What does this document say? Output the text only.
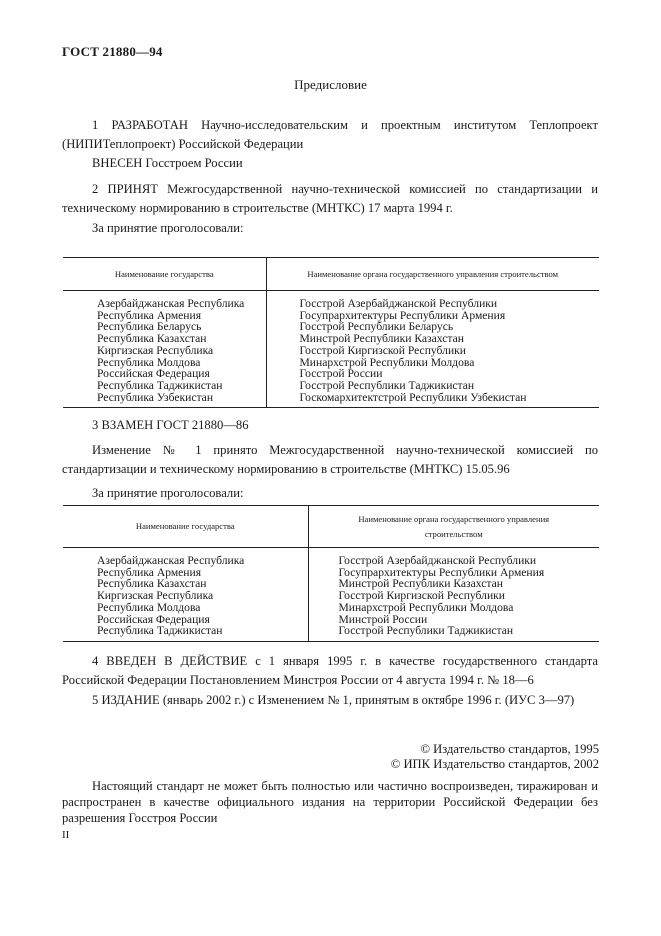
ГОСТ 21880—94
Предисловие
1 РАЗРАБОТАН Научно-исследовательским и проектным институтом Теплопроект (НИПИТеплопроект) Российской Федерации
ВНЕСЕН Госстроем России
2 ПРИНЯТ Межгосударственной научно-технической комиссией по стандартизации и техническому нормированию в строительстве (МНТКС) 17 марта 1994 г.
За принятие проголосовали:
Наименование государства	Наименование органа государственного управления строительством
Азербайджанская Республика	Госстрой Азербайджанской Республики
Республика Армения	Госупрархитектуры Республики Армения
Республика Беларусь	Госстрой Республики Беларусь
Республика Казахстан	Минстрой Республики Казахстан
Киргизская Республика	Госстрой Киргизской Республики
Республика Молдова	Минархстрой Республики Молдова
Российская Федерация	Госстрой России
Республика Таджикистан	Госстрой Республики Таджикистан
Республика Узбекистан	Госкомархитектстрой Республики Узбекистан
3 ВЗАМЕН ГОСТ 21880—86
Изменение № 1 принято Межгосударственной научно-технической комиссией по стандартизации и техническому нормированию в строительстве (МНТКС) 15.05.96
За принятие проголосовали:
Наименование государства	Наименование органа государственного управления строительством
Азербайджанская Республика	Госстрой Азербайджанской Республики
Республика Армения	Госупрархитектуры Республики Армения
Республика Казахстан	Минстрой Республики Казахстан
Киргизская Республика	Госстрой Киргизской Республики
Республика Молдова	Минархстрой Республики Молдова
Российская Федерация	Минстрой России
Республика Таджикистан	Госстрой Республики Таджикистан
4 ВВЕДЕН В ДЕЙСТВИЕ с 1 января 1995 г. в качестве государственного стандарта Российской Федерации Постановлением Минстроя России от 4 августа 1994 г. № 18—6
5 ИЗДАНИЕ (январь 2002 г.) с Изменением № 1, принятым в октябре 1996 г. (ИУС 3—97)
© Издательство стандартов, 1995
© ИПК Издательство стандартов, 2002
Настоящий стандарт не может быть полностью или частично воспроизведен, тиражирован и распространен в качестве официального издания на территории Российской Федерации без разрешения Госстроя России
II
